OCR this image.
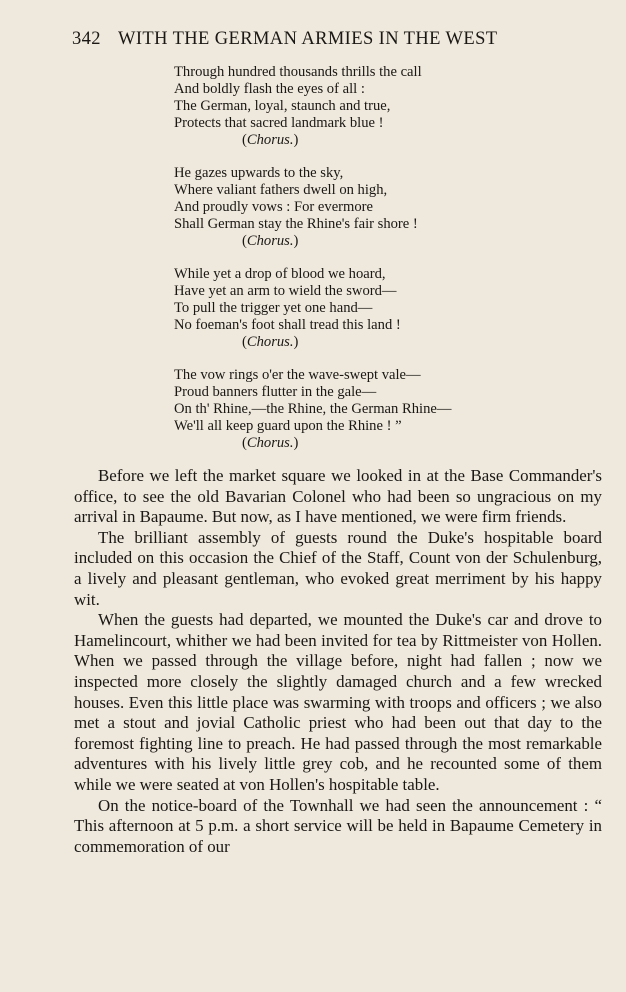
342 WITH THE GERMAN ARMIES IN THE WEST
Through hundred thousands thrills the call
And boldly flash the eyes of all :
The German, loyal, staunch and true,
Protects that sacred landmark blue !
(Chorus.)
He gazes upwards to the sky,
Where valiant fathers dwell on high,
And proudly vows : For evermore
Shall German stay the Rhine's fair shore !
(Chorus.)
While yet a drop of blood we hoard,
Have yet an arm to wield the sword—
To pull the trigger yet one hand—
No foeman's foot shall tread this land !
(Chorus.)
The vow rings o'er the wave-swept vale—
Proud banners flutter in the gale—
On th' Rhine,—the Rhine, the German Rhine—
We'll all keep guard upon the Rhine ! ”
(Chorus.)

Before we left the market square we looked in at the Base Commander's office, to see the old Bavarian Colonel who had been so ungracious on my arrival in Bapaume. But now, as I have mentioned, we were firm friends.

The brilliant assembly of guests round the Duke's hospitable board included on this occasion the Chief of the Staff, Count von der Schulenburg, a lively and pleasant gentleman, who evoked great merriment by his happy wit.

When the guests had departed, we mounted the Duke's car and drove to Hamelincourt, whither we had been invited for tea by Rittmeister von Hollen. When we passed through the village before, night had fallen ; now we inspected more closely the slightly damaged church and a few wrecked houses. Even this little place was swarming with troops and officers ; we also met a stout and jovial Catholic priest who had been out that day to the foremost fighting line to preach. He had passed through the most remarkable adventures with his lively little grey cob, and he recounted some of them while we were seated at von Hollen's hospitable table.

On the notice-board of the Townhall we had seen the announcement : “ This afternoon at 5 p.m. a short service will be held in Bapaume Cemetery in commemoration of our
